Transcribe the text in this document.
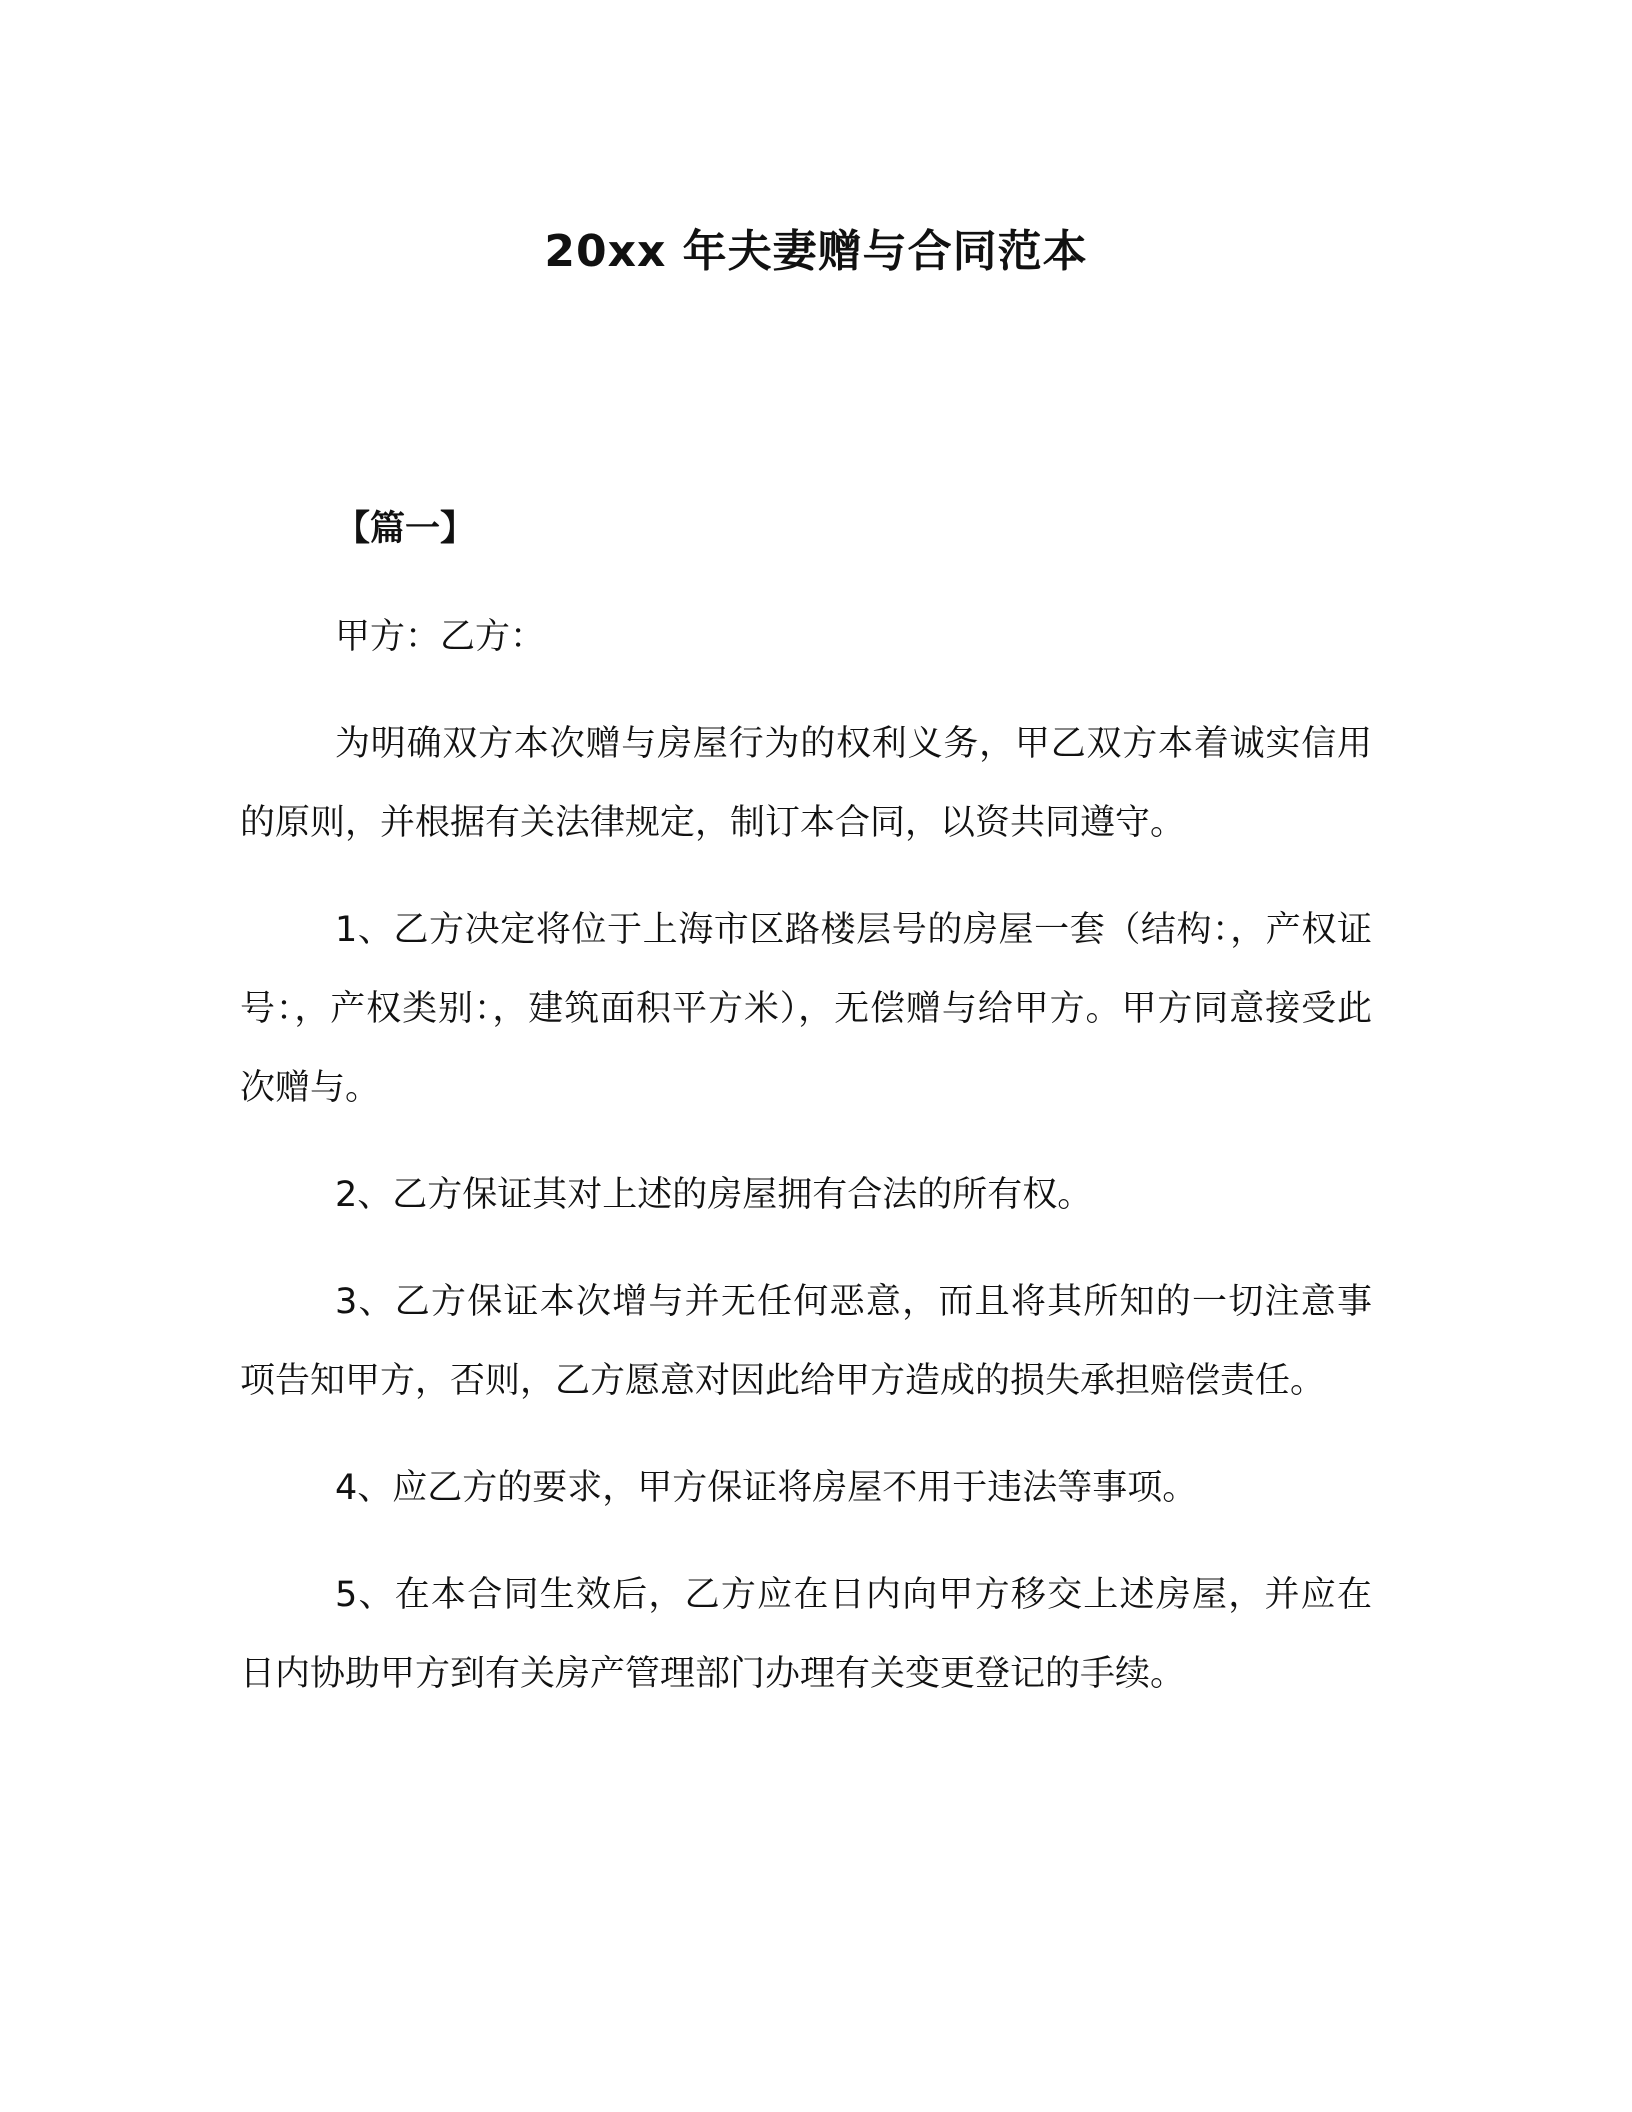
20xx 年夫妻赠与合同范本

【篇一】

甲方：乙方：

为明确双方本次赠与房屋行为的权利义务，甲乙双方本着诚实信用的原则，并根据有关法律规定，制订本合同，以资共同遵守。

1、乙方决定将位于上海市区路楼层号的房屋一套（结构：，产权证号：，产权类别：，建筑面积平方米），无偿赠与给甲方。甲方同意接受此次赠与。

2、乙方保证其对上述的房屋拥有合法的所有权。

3、乙方保证本次增与并无任何恶意，而且将其所知的一切注意事项告知甲方，否则，乙方愿意对因此给甲方造成的损失承担赔偿责任。

4、应乙方的要求，甲方保证将房屋不用于违法等事项。

5、在本合同生效后，乙方应在日内向甲方移交上述房屋，并应在日内协助甲方到有关房产管理部门办理有关变更登记的手续。
